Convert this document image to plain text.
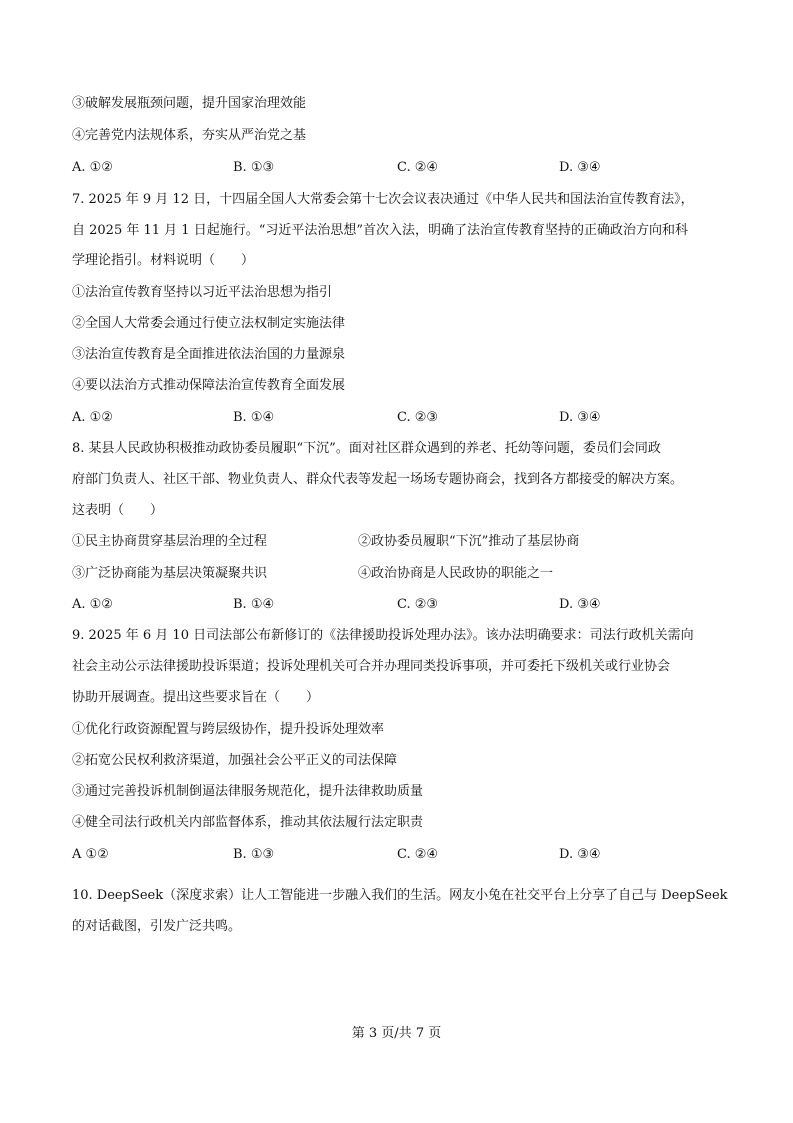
③破解发展瓶颈问题，提升国家治理效能
④完善党内法规体系，夯实从严治党之基
A. ①②	B. ①③	C. ②④	D. ③④
7. 2025 年 9 月 12 日，十四届全国人大常委会第十七次会议表决通过《中华人民共和国法治宣传教育法》，
自 2025 年 11 月 1 日起施行。“习近平法治思想”首次入法，明确了法治宣传教育坚持的正确政治方向和科
学理论指引。材料说明（　　）
①法治宣传教育坚持以习近平法治思想为指引
②全国人大常委会通过行使立法权制定实施法律
③法治宣传教育是全面推进依法治国的力量源泉
④要以法治方式推动保障法治宣传教育全面发展
A. ①②	B. ①④	C. ②③	D. ③④
8. 某县人民政协积极推动政协委员履职“下沉”。面对社区群众遇到的养老、托幼等问题，委员们会同政
府部门负责人、社区干部、物业负责人、群众代表等发起一场场专题协商会，找到各方都接受的解决方案。
这表明（　　）
①民主协商贯穿基层治理的全过程	②政协委员履职“下沉”推动了基层协商
③广泛协商能为基层决策凝聚共识	④政治协商是人民政协的职能之一
A. ①②	B. ①④	C. ②③	D. ③④
9. 2025 年 6 月 10 日司法部公布新修订的《法律援助投诉处理办法》。该办法明确要求：司法行政机关需向
社会主动公示法律援助投诉渠道；投诉处理机关可合并办理同类投诉事项，并可委托下级机关或行业协会
协助开展调查。提出这些要求旨在（　　）
①优化行政资源配置与跨层级协作，提升投诉处理效率
②拓宽公民权利救济渠道，加强社会公平正义的司法保障
③通过完善投诉机制倒逼法律服务规范化，提升法律救助质量
④健全司法行政机关内部监督体系，推动其依法履行法定职责
A ①②	B. ①③	C. ②④	D. ③④
10. DeepSeek（深度求索）让人工智能进一步融入我们的生活。网友小兔在社交平台上分享了自己与 DeepSeek
的对话截图，引发广泛共鸣。
第 3 页/共 7 页
